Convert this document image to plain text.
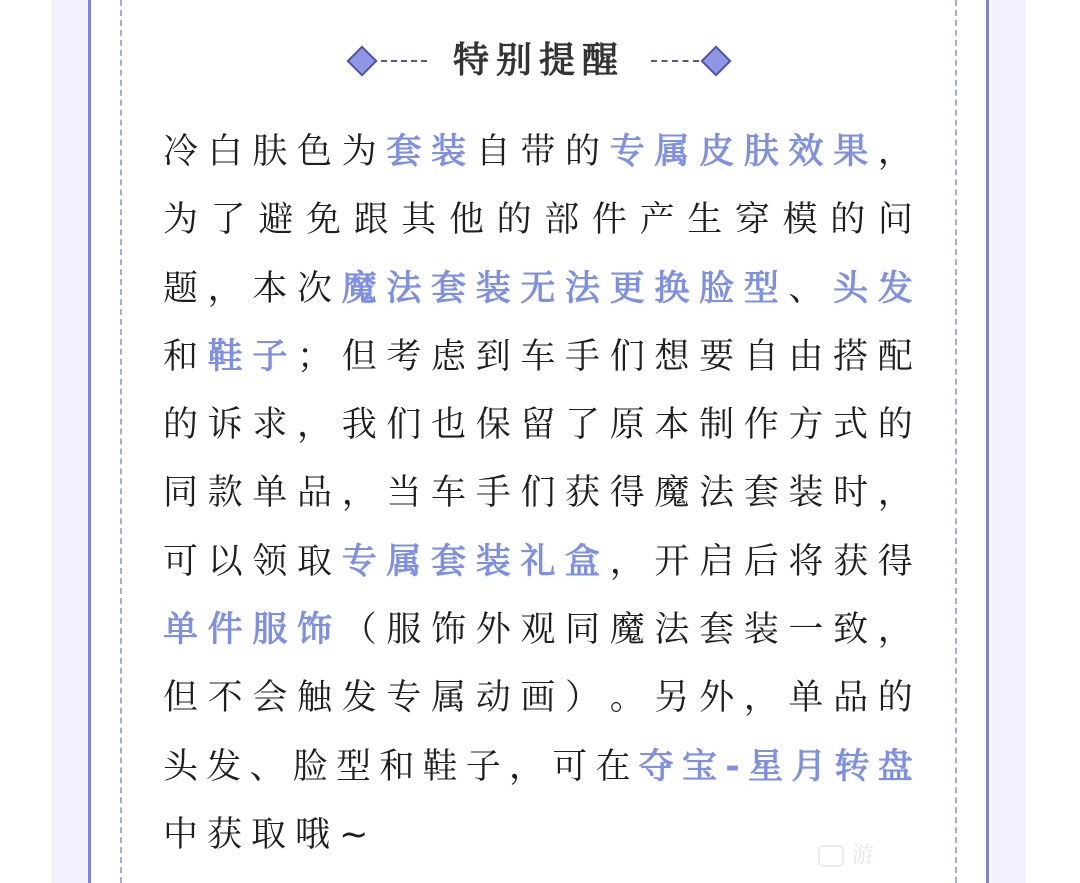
特别提醒
冷 白 肤 色 为 套 装 自 带 的 专 属 皮 肤 效 果 ，
为 了 避 免 跟 其 他 的 部 件 产 生 穿 模 的 问
题 ， 本 次 魔 法 套 装 无 法 更 换 脸 型 、 头 发
和 鞋 子 ； 但 考 虑 到 车 手 们 想 要 自 由 搭 配
的 诉 求 ， 我 们 也 保 留 了 原 本 制 作 方 式 的
同 款 单 品 ， 当 车 手 们 获 得 魔 法 套 装 时 ，
可 以 领 取 专 属 套 装 礼 盒 ， 开 启 后 将 获 得
单 件 服 饰 （ 服 饰 外 观 同 魔 法 套 装 一 致 ，
但 不 会 触 发 专 属 动 画 ） 。 另 外 ， 单 品 的
头 发 、 脸 型 和 鞋 子 ， 可 在 夺 宝 - 星 月 转 盘
中 获 取 哦 ~
游
